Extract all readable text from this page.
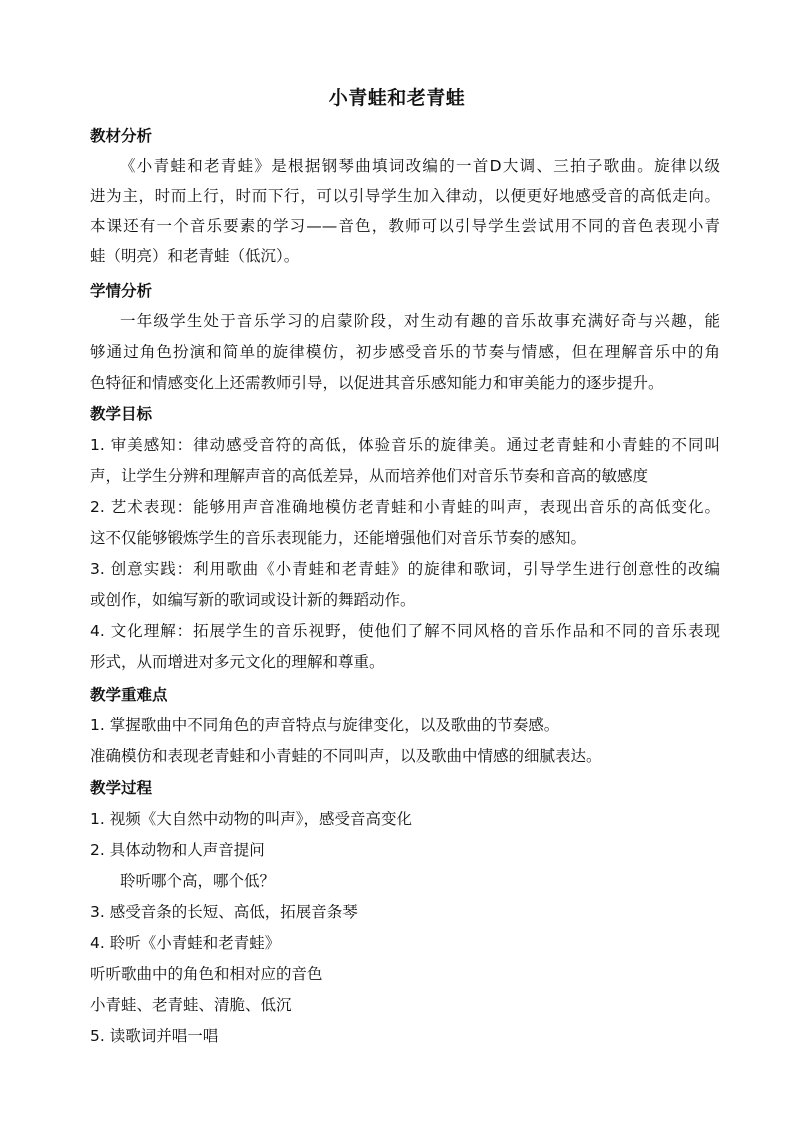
小青蛙和老青蛙
教材分析
《小青蛙和老青蛙》是根据钢琴曲填词改编的一首D大调、三拍子歌曲。旋律以级
进为主，时而上行，时而下行，可以引导学生加入律动，以便更好地感受音的高低走向。
本课还有一个音乐要素的学习——音色，教师可以引导学生尝试用不同的音色表现小青
蛙（明亮）和老青蛙（低沉）。
学情分析
一年级学生处于音乐学习的启蒙阶段，对生动有趣的音乐故事充满好奇与兴趣，能
够通过角色扮演和简单的旋律模仿，初步感受音乐的节奏与情感，但在理解音乐中的角
色特征和情感变化上还需教师引导，以促进其音乐感知能力和审美能力的逐步提升。
教学目标
1. 审美感知：律动感受音符的高低，体验音乐的旋律美。通过老青蛙和小青蛙的不同叫
声，让学生分辨和理解声音的高低差异，从而培养他们对音乐节奏和音高的敏感度
2. 艺术表现：能够用声音准确地模仿老青蛙和小青蛙的叫声，表现出音乐的高低变化。
这不仅能够锻炼学生的音乐表现能力，还能增强他们对音乐节奏的感知。
3. 创意实践：利用歌曲《小青蛙和老青蛙》的旋律和歌词，引导学生进行创意性的改编
或创作，如编写新的歌词或设计新的舞蹈动作。
4. 文化理解：拓展学生的音乐视野，使他们了解不同风格的音乐作品和不同的音乐表现
形式，从而增进对多元文化的理解和尊重。
教学重难点
1. 掌握歌曲中不同角色的声音特点与旋律变化，以及歌曲的节奏感。
准确模仿和表现老青蛙和小青蛙的不同叫声，以及歌曲中情感的细腻表达。
教学过程
1. 视频《大自然中动物的叫声》，感受音高变化
2. 具体动物和人声音提问
聆听哪个高，哪个低？
3. 感受音条的长短、高低，拓展音条琴
4. 聆听《小青蛙和老青蛙》
听听歌曲中的角色和相对应的音色
小青蛙、老青蛙、清脆、低沉
5. 读歌词并唱一唱
